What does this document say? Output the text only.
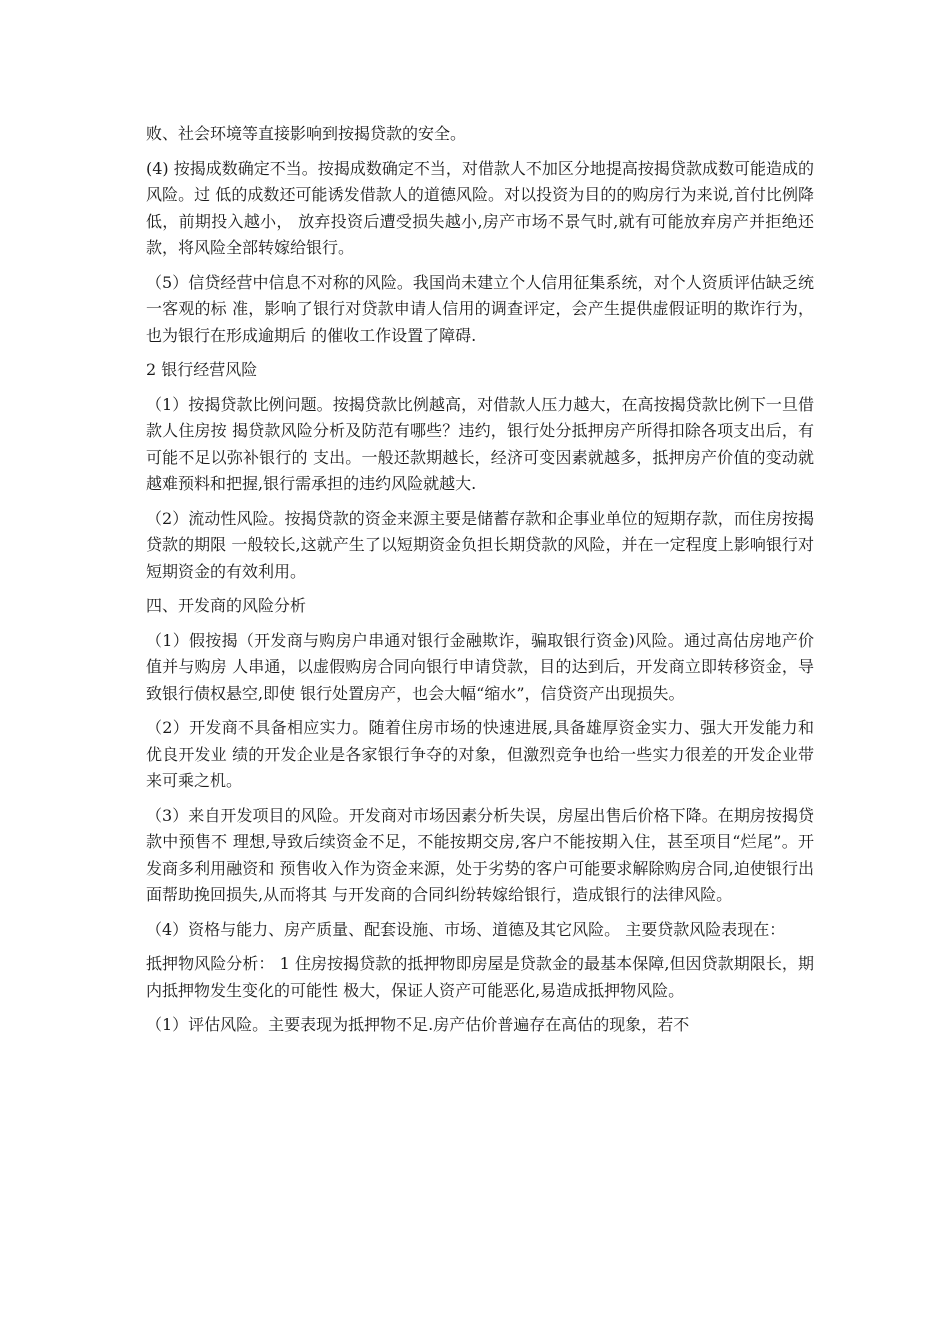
败、社会环境等直接影响到按揭贷款的安全。

(4) 按揭成数确定不当。按揭成数确定不当，对借款人不加区分地提高按揭贷款成数可能造成的风险。过 低的成数还可能诱发借款人的道德风险。对以投资为目的的购房行为来说,首付比例降低，前期投入越小， 放弃投资后遭受损失越小,房产市场不景气时,就有可能放弃房产并拒绝还款，将风险全部转嫁给银行。

（5）信贷经营中信息不对称的风险。我国尚未建立个人信用征集系统，对个人资质评估缺乏统一客观的标 准，影响了银行对贷款申请人信用的调查评定，会产生提供虚假证明的欺诈行为，也为银行在形成逾期后 的催收工作设置了障碍.

2 银行经营风险

（1）按揭贷款比例问题。按揭贷款比例越高，对借款人压力越大，在高按揭贷款比例下一旦借款人住房按 揭贷款风险分析及防范有哪些？违约，银行处分抵押房产所得扣除各项支出后，有可能不足以弥补银行的 支出。一般还款期越长，经济可变因素就越多，抵押房产价值的变动就越难预料和把握,银行需承担的违约风险就越大.

（2）流动性风险。按揭贷款的资金来源主要是储蓄存款和企事业单位的短期存款，而住房按揭贷款的期限 一般较长,这就产生了以短期资金负担长期贷款的风险，并在一定程度上影响银行对短期资金的有效利用。

四、开发商的风险分析

（1）假按揭（开发商与购房户串通对银行金融欺诈，骗取银行资金)风险。通过高估房地产价值并与购房 人串通，以虚假购房合同向银行申请贷款，目的达到后，开发商立即转移资金，导致银行债权悬空,即使 银行处置房产，也会大幅“缩水”，信贷资产出现损失。

（2）开发商不具备相应实力。随着住房市场的快速进展,具备雄厚资金实力、强大开发能力和优良开发业 绩的开发企业是各家银行争夺的对象，但激烈竞争也给一些实力很差的开发企业带来可乘之机。

（3）来自开发项目的风险。开发商对市场因素分析失误，房屋出售后价格下降。在期房按揭贷款中预售不 理想,导致后续资金不足，不能按期交房,客户不能按期入住，甚至项目“烂尾”。开发商多利用融资和 预售收入作为资金来源，处于劣势的客户可能要求解除购房合同,迫使银行出面帮助挽回损失,从而将其 与开发商的合同纠纷转嫁给银行，造成银行的法律风险。

（4）资格与能力、房产质量、配套设施、市场、道德及其它风险。 主要贷款风险表现在：

抵押物风险分析： 1 住房按揭贷款的抵押物即房屋是贷款金的最基本保障,但因贷款期限长，期内抵押物发生变化的可能性 极大，保证人资产可能恶化,易造成抵押物风险。

（1）评估风险。主要表现为抵押物不足.房产估价普遍存在高估的现象，若不
